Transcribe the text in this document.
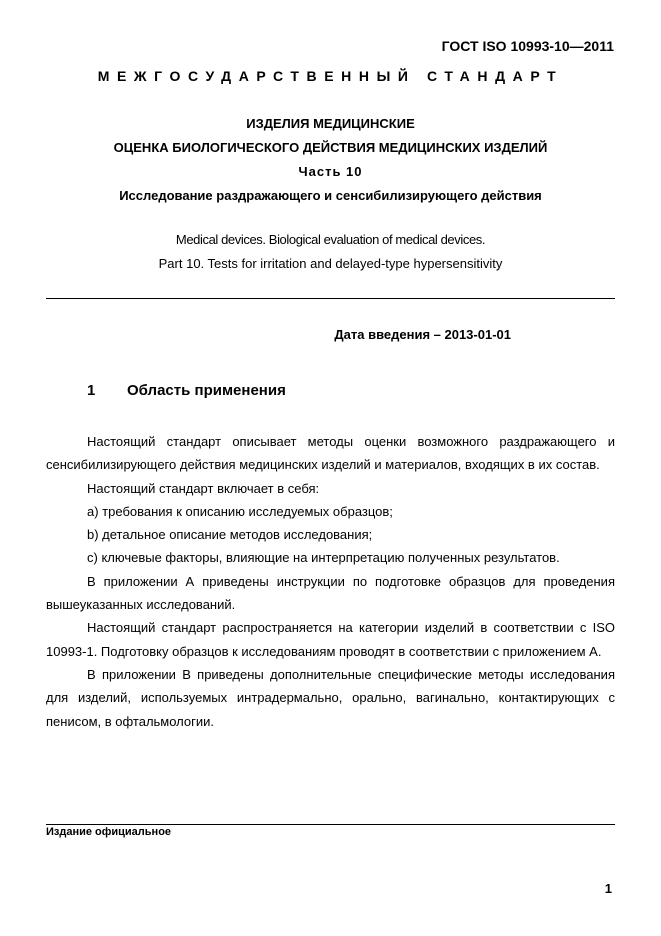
ГОСТ ISO 10993-10—2011
МЕЖГОСУДАРСТВЕННЫЙ СТАНДАРТ
ИЗДЕЛИЯ МЕДИЦИНСКИЕ
ОЦЕНКА БИОЛОГИЧЕСКОГО ДЕЙСТВИЯ МЕДИЦИНСКИХ ИЗДЕЛИЙ
Часть 10
Исследование раздражающего и сенсибилизирующего действия
Medical devices. Biological evaluation of medical devices.
Part 10. Tests for irritation and delayed-type hypersensitivity
Дата введения – 2013-01-01
1 Область применения

Настоящий стандарт описывает методы оценки возможного раздражающего и сенсибилизирующего действия медицинских изделий и материалов, входящих в их состав.

Настоящий стандарт включает в себя:

a) требования к описанию исследуемых образцов;

b) детальное описание методов исследования;

c) ключевые факторы, влияющие на интерпретацию полученных результатов.

В приложении А приведены инструкции по подготовке образцов для проведения вышеуказанных исследований.

Настоящий стандарт распространяется на категории изделий в соответствии с ISO 10993-1. Подготовку образцов к исследованиям проводят в соответствии с приложением А.

В приложении В приведены дополнительные специфические методы исследования для изделий, используемых интрадермально, орально, вагинально, контактирующих с пенисом, в офтальмологии.

Издание официальное
1
